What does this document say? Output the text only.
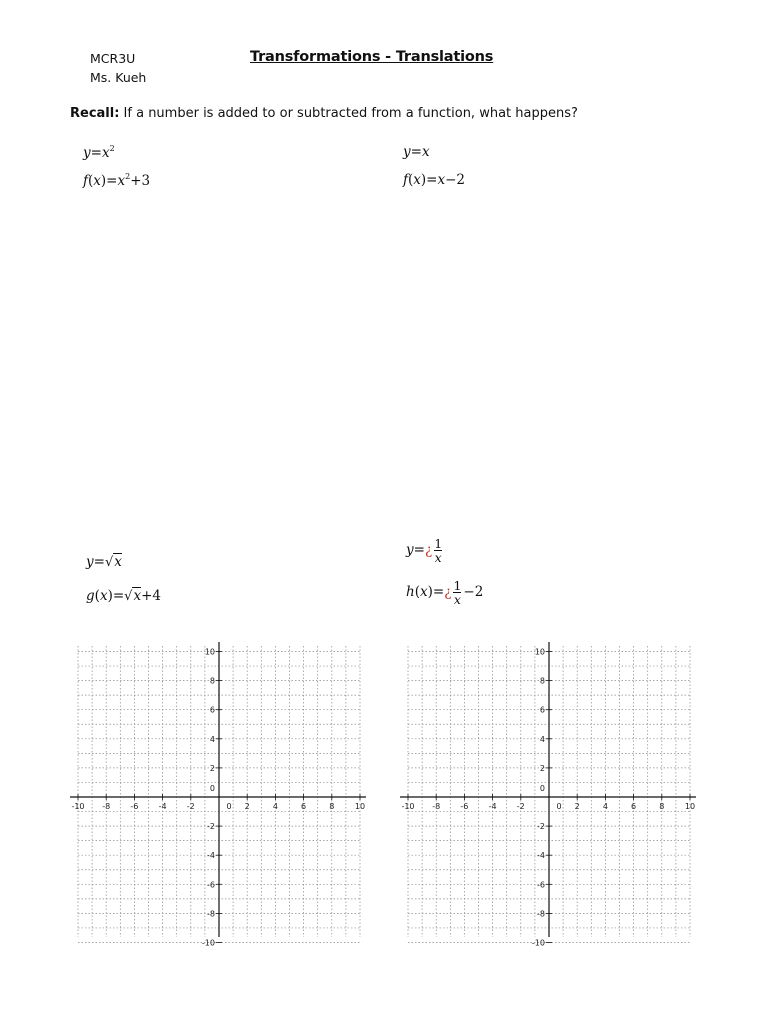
MCR3U
Ms. Kueh
Transformations - Translations
Recall: If a number is added to or subtracted from a function, what happens?
$y=x^2$
$f(x)=x^2+3$
y=x
f(x)=x−2
y=√x
g(x)=√x+4
y=¿ $\frac{1}{x}$
h(x)=¿ $\frac{1}{x} -2$
-10 -8	-6	-4	-2	2	4	6	8	10
10
8
6
4
2
0
0
-2
-4
-6
-8
-10
-10 -8	-6	-4	-2	2	4	6	8	10
10
8
6
4
2
0
0
-2
-4
-6
-8
-10
